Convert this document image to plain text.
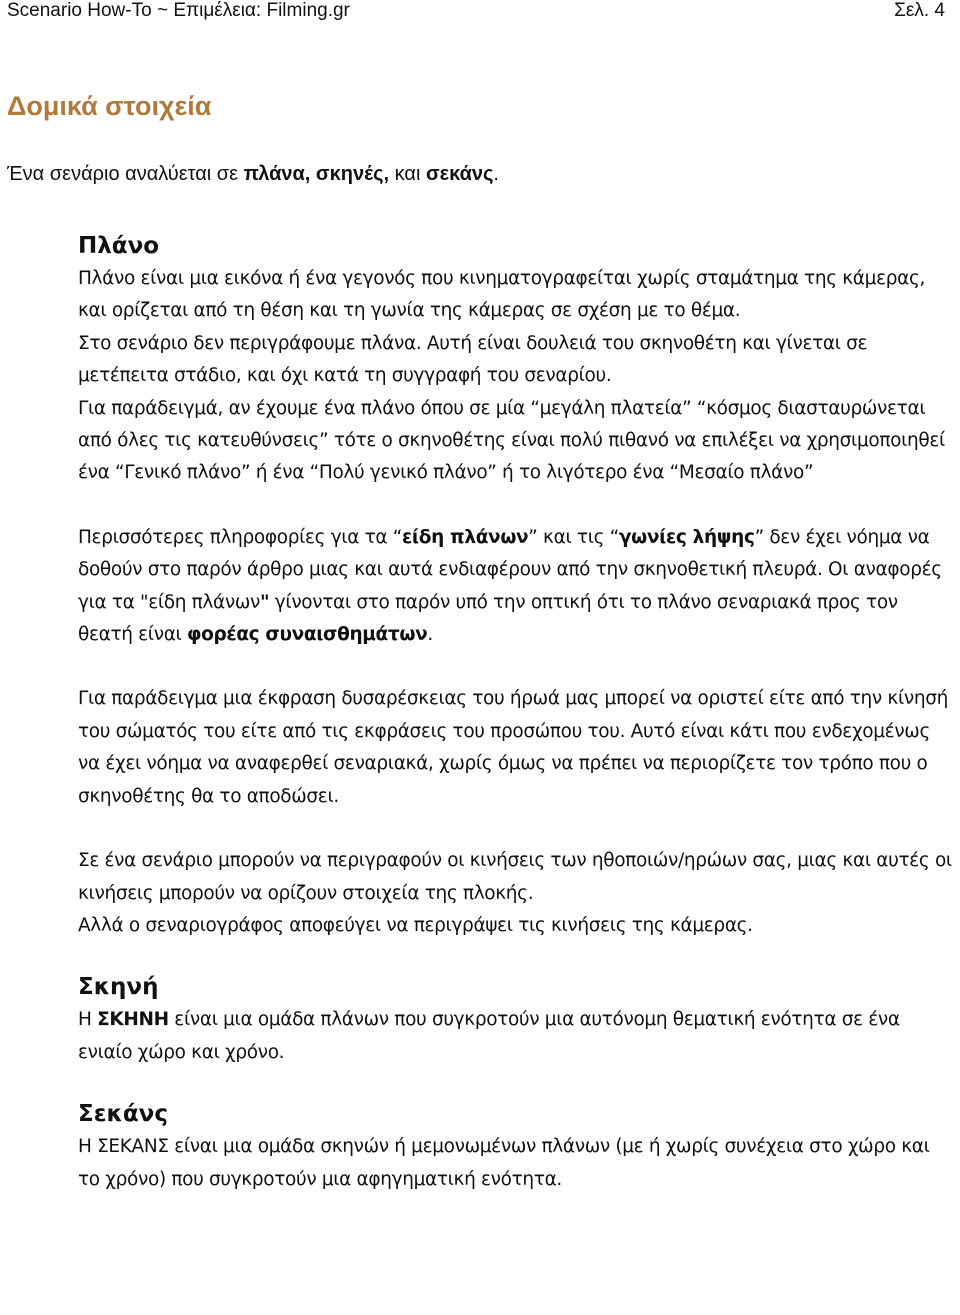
Scenario How-To ~ Επιμέλεια: Filming.gr	Σελ. 4
Δομικά στοιχεία

Ένα σενάριο αναλύεται σε πλάνα, σκηνές, και σεκάνς.

Πλάνο

Πλάνο είναι μια εικόνα ή ένα γεγονός που κινηματογραφείται χωρίς σταμάτημα της κάμερας, και ορίζεται από τη θέση και τη γωνία της κάμερας σε σχέση με το θέμα.

Στο σενάριο δεν περιγράφουμε πλάνα. Αυτή είναι δουλειά του σκηνοθέτη και γίνεται σε μετέπειτα στάδιο, και όχι κατά τη συγγραφή του σεναρίου.

Για παράδειγμά, αν έχουμε ένα πλάνο όπου σε μία “μεγάλη πλατεία” “κόσμος διασταυρώνεται από όλες τις κατευθύνσεις” τότε ο σκηνοθέτης είναι πολύ πιθανό να επιλέξει να χρησιμοποιηθεί ένα “Γενικό πλάνο” ή ένα “Πολύ γενικό πλάνο” ή το λιγότερο ένα “Μεσαίο πλάνο”

Περισσότερες πληροφορίες για τα “είδη πλάνων” και τις “γωνίες λήψης” δεν έχει νόημα να δοθούν στο παρόν άρθρο μιας και αυτά ενδιαφέρουν από την σκηνοθετική πλευρά. Οι αναφορές για τα "είδη πλάνων" γίνονται στο παρόν υπό την οπτική ότι το πλάνο σεναριακά προς τον θεατή είναι φορέας συναισθημάτων.

Για παράδειγμα μια έκφραση δυσαρέσκειας του ήρωά μας μπορεί να οριστεί είτε από την κίνησή του σώματός του είτε από τις εκφράσεις του προσώπου του. Αυτό είναι κάτι που ενδεχομένως να έχει νόημα να αναφερθεί σεναριακά, χωρίς όμως να πρέπει να περιορίζετε τον τρόπο που ο σκηνοθέτης θα το αποδώσει.

Σε ένα σενάριο μπορούν να περιγραφούν οι κινήσεις των ηθοποιών/ηρώων σας, μιας και αυτές οι κινήσεις μπορούν να ορίζουν στοιχεία της πλοκής.

Αλλά ο σεναριογράφος αποφεύγει να περιγράψει τις κινήσεις της κάμερας.

Σκηνή

Η ΣΚΗΝΗ είναι μια ομάδα πλάνων που συγκροτούν μια αυτόνομη θεματική ενότητα σε ένα ενιαίο χώρο και χρόνο.

Σεκάνς

Η ΣΕΚΑΝΣ είναι μια ομάδα σκηνών ή μεμονωμένων πλάνων (με ή χωρίς συνέχεια στο χώρο και το χρόνο) που συγκροτούν μια αφηγηματική ενότητα.
